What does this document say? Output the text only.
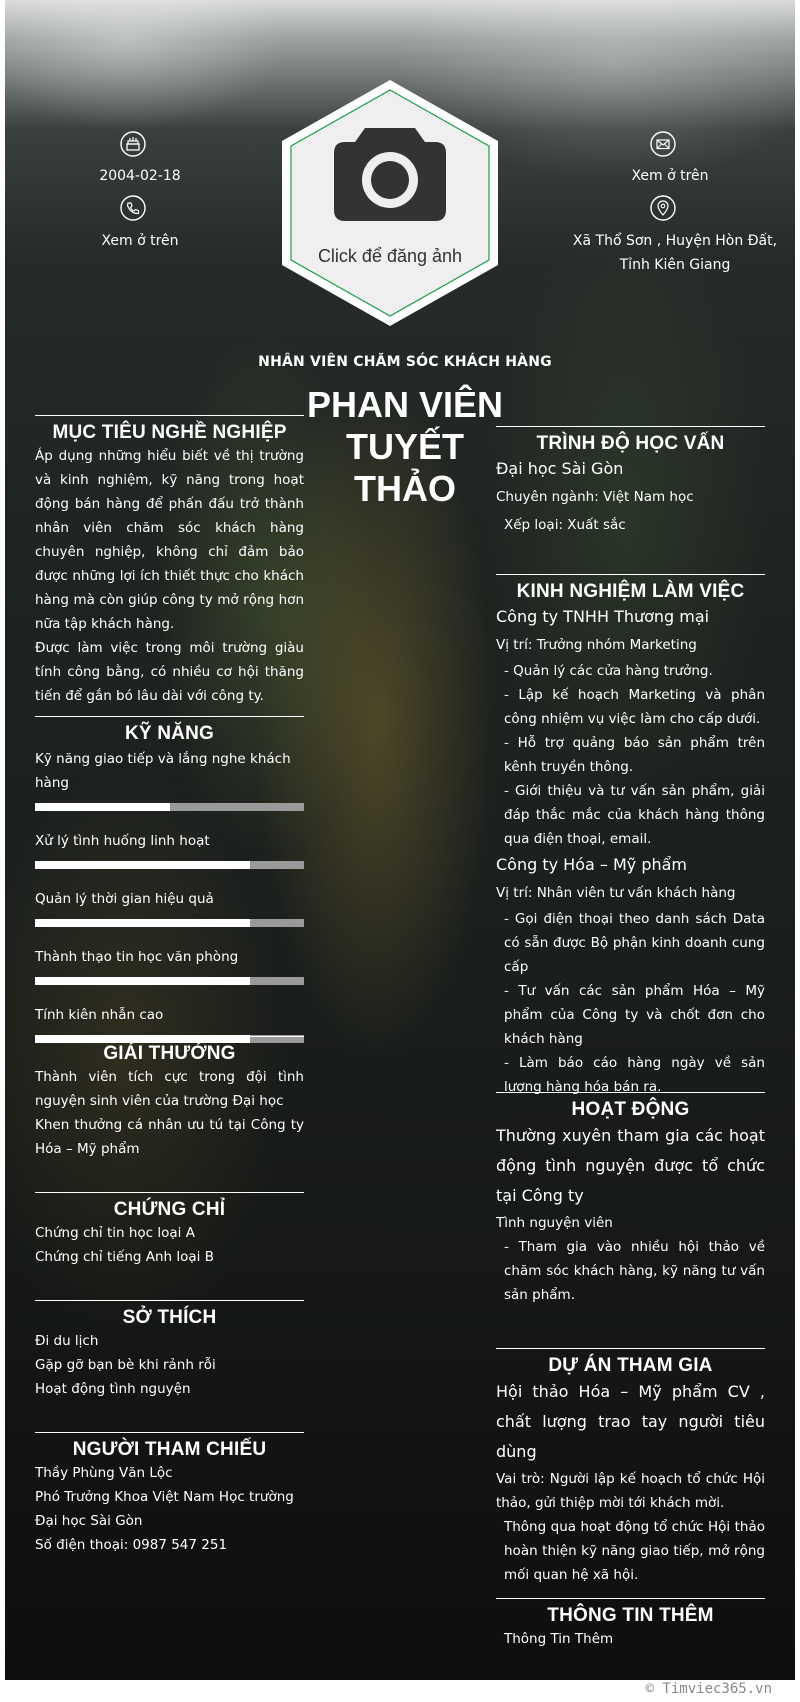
2004-02-18
Xem ở trên
Xem ở trên
Xã Thổ Sơn , Huyện Hòn Đất, Tỉnh Kiên Giang
Click để đăng ảnh
NHÂN VIÊN CHĂM SÓC KHÁCH HÀNG
PHAN VIÊN TUYẾT THẢO
MỤC TIÊU NGHỀ NGHIỆP
Áp dụng những hiểu biết về thị trường và kinh nghiệm, kỹ năng trong hoạt động bán hàng để phấn đấu trở thành nhân viên chăm sóc khách hàng chuyên nghiệp, không chỉ đảm bảo được những lợi ích thiết thực cho khách hàng mà còn giúp công ty mở rộng hơn nữa tập khách hàng.
Được làm việc trong môi trường giàu tính công bằng, có nhiều cơ hội thăng tiến để gắn bó lâu dài với công ty.
KỸ NĂNG
Kỹ năng giao tiếp và lắng nghe khách hàng
Xử lý tình huống linh hoạt
Quản lý thời gian hiệu quả
Thành thạo tin học văn phòng
Tính kiên nhẫn cao
GIẢI THƯỞNG
Thành viên tích cực trong đội tình nguyện sinh viên của trường Đại học
Khen thưởng cá nhân ưu tú tại Công ty Hóa – Mỹ phẩm
CHỨNG CHỈ
Chứng chỉ tin học loại A
Chứng chỉ tiếng Anh loại B
SỞ THÍCH
Đi du lịch
Gặp gỡ bạn bè khi rảnh rỗi
Hoạt động tình nguyện
NGƯỜI THAM CHIẾU
Thầy Phùng Văn Lộc
Phó Trưởng Khoa Việt Nam Học trường Đại học Sài Gòn
Số điện thoại: 0987 547 251
TRÌNH ĐỘ HỌC VẤN
Đại học Sài Gòn
Chuyên ngành: Việt Nam học
Xếp loại: Xuất sắc
KINH NGHIỆM LÀM VIỆC
Công ty TNHH Thương mại
Vị trí: Trưởng nhóm Marketing
- Quản lý các cửa hàng trưởng.
- Lập kế hoạch Marketing và phân công nhiệm vụ việc làm cho cấp dưới.
- Hỗ trợ quảng báo sản phẩm trên kênh truyền thông.
- Giới thiệu và tư vấn sản phẩm, giải đáp thắc mắc của khách hàng thông qua điện thoại, email.
Công ty Hóa – Mỹ phẩm
Vị trí: Nhân viên tư vấn khách hàng
- Gọi điện thoại theo danh sách Data có sẵn được Bộ phận kinh doanh cung cấp
- Tư vấn các sản phẩm Hóa – Mỹ phẩm của Công ty và chốt đơn cho khách hàng
- Làm báo cáo hàng ngày về sản lượng hàng hóa bán ra.
HOẠT ĐỘNG
Thường xuyên tham gia các hoạt động tình nguyện được tổ chức tại Công ty
Tình nguyện viên
- Tham gia vào nhiều hội thảo về chăm sóc khách hàng, kỹ năng tư vấn sản phẩm.
DỰ ÁN THAM GIA
Hội thảo Hóa – Mỹ phẩm CV , chất lượng trao tay người tiêu dùng
Vai trò: Người lập kế hoạch tổ chức Hội thảo, gửi thiệp mời tới khách mời.
Thông qua hoạt động tổ chức Hội thảo hoàn thiện kỹ năng giao tiếp, mở rộng mối quan hệ xã hội.
THÔNG TIN THÊM
Thông Tin Thêm
© Timviec365.vn
